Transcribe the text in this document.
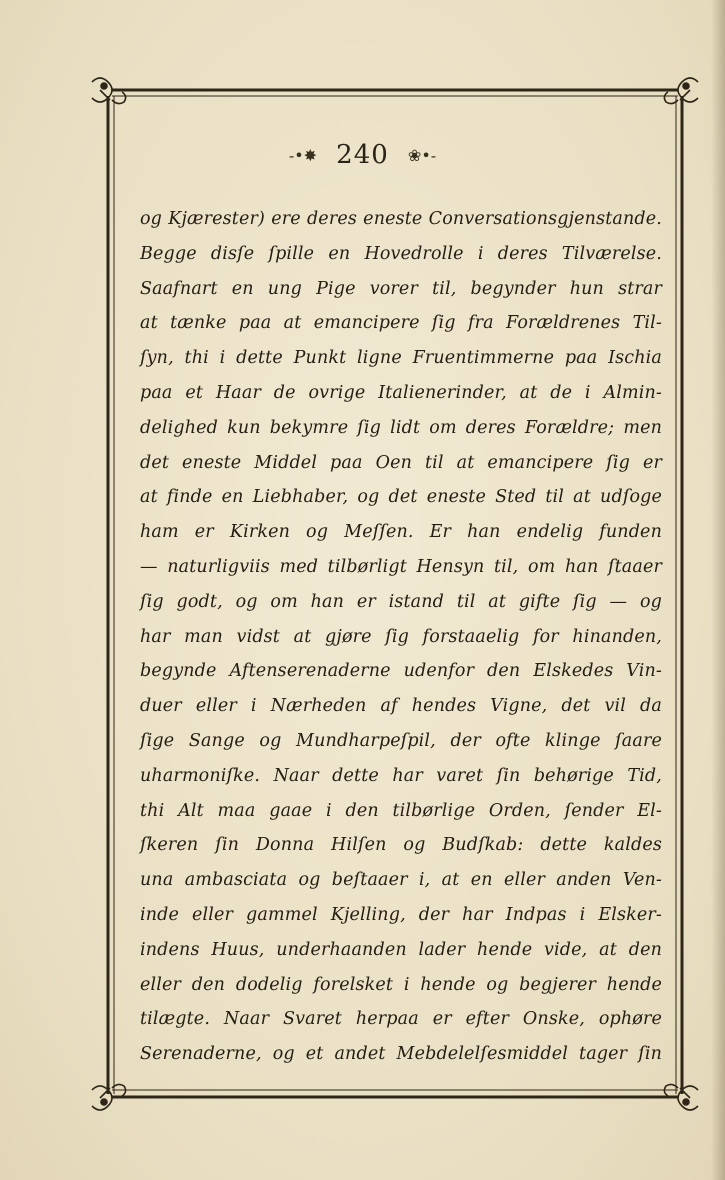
-•✸ 240 ❀•-
og Kjærester) ere deres eneste Conversationsgjenstande.
Begge disſe ſpille en Hovedrolle i deres Tilværelse.
Saafnart en ung Pige vorer til, begynder hun strar
at tænke paa at emancipere ſig fra Forældrenes Til-
ſyn, thi i dette Punkt ligne Fruentimmerne paa Ischia
paa et Haar de ovrige Italienerinder, at de i Almin-
delighed kun bekymre ſig lidt om deres Forældre; men
det eneste Middel paa Oen til at emancipere ſig er
at finde en Liebhaber, og det eneste Sted til at udſoge
ham er Kirken og Meſſen. Er han endelig funden
— naturligviis med tilbørligt Hensyn til, om han ſtaaer
ſig godt, og om han er istand til at gifte ſig — og
har man vidst at gjøre ſig forstaaelig for hinanden,
begynde Aftenserenaderne udenfor den Elskedes Vin-
duer eller i Nærheden af hendes Vigne, det vil da
ſige Sange og Mundharpeſpil, der ofte klinge ſaare
uharmoniſke. Naar dette har varet ſin behørige Tid,
thi Alt maa gaae i den tilbørlige Orden, ſender El-
ſkeren ſin Donna Hilſen og Budſkab: dette kaldes
una ambasciata og beſtaaer i, at en eller anden Ven-
inde eller gammel Kjelling, der har Indpas i Elsker-
indens Huus, underhaanden lader hende vide, at den
eller den dodelig forelsket i hende og begjerer hende
tilægte. Naar Svaret herpaa er efter Onske, ophøre
Serenaderne, og et andet Mebdelelſesmiddel tager ſin
